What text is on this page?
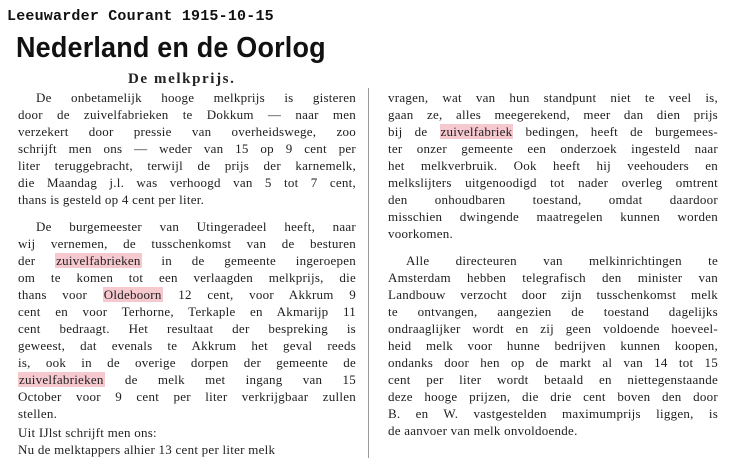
Leeuwarder Courant 1915-10-15
Nederland en de Oorlog
De melkprijs.
De onbetamelijk hooge melkprijs is gisteren
door de zuivelfabrieken te Dokkum — naar men
verzekert door pressie van overheidswege, zoo
schrijft men ons — weder van 15 op 9 cent per
liter teruggebracht, terwijl de prijs der karnemelk,
die Maandag j.l. was verhoogd van 5 tot 7 cent,
thans is gesteld op 4 cent per liter.
De burgemeester van Utingeradeel heeft, naar
wij vernemen, de tusschenkomst van de besturen
der zuivelfabrieken in de gemeente ingeroepen
om te komen tot een verlaagden melkprijs, die
thans voor Oldeboorn 12 cent, voor Akkrum 9
cent en voor Terhorne, Terkaple en Akmarijp 11
cent bedraagt. Het resultaat der bespreking is
geweest, dat evenals te Akkrum het geval reeds
is, ook in de overige dorpen der gemeente de
zuivelfabrieken de melk met ingang van 15
October voor 9 cent per liter verkrijgbaar zullen
stellen.
Uit IJlst schrijft men ons:
Nu de melktappers alhier 13 cent per liter melk
vragen, wat van hun standpunt niet te veel is,
gaan ze, alles meegerekend, meer dan dien prijs
bij de zuivelfabriek bedingen, heeft de burgemees-
ter onzer gemeente een onderzoek ingesteld naar
het melkverbruik. Ook heeft hij veehouders en
melkslijters uitgenoodigd tot nader overleg omtrent
den onhoudbaren toestand, omdat daardoor
misschien dwingende maatregelen kunnen worden
voorkomen.
Alle directeuren van melkinrichtingen te
Amsterdam hebben telegrafisch den minister van
Landbouw verzocht door zijn tusschenkomst melk
te ontvangen, aangezien de toestand dagelijks
ondraaglijker wordt en zij geen voldoende hoeveel-
heid melk voor hunne bedrijven kunnen koopen,
ondanks door hen op de markt al van 14 tot 15
cent per liter wordt betaald en niettegenstaande
deze hooge prijzen, die drie cent boven den door
B. en W. vastgestelden maximumprijs liggen, is
de aanvoer van melk onvoldoende.
